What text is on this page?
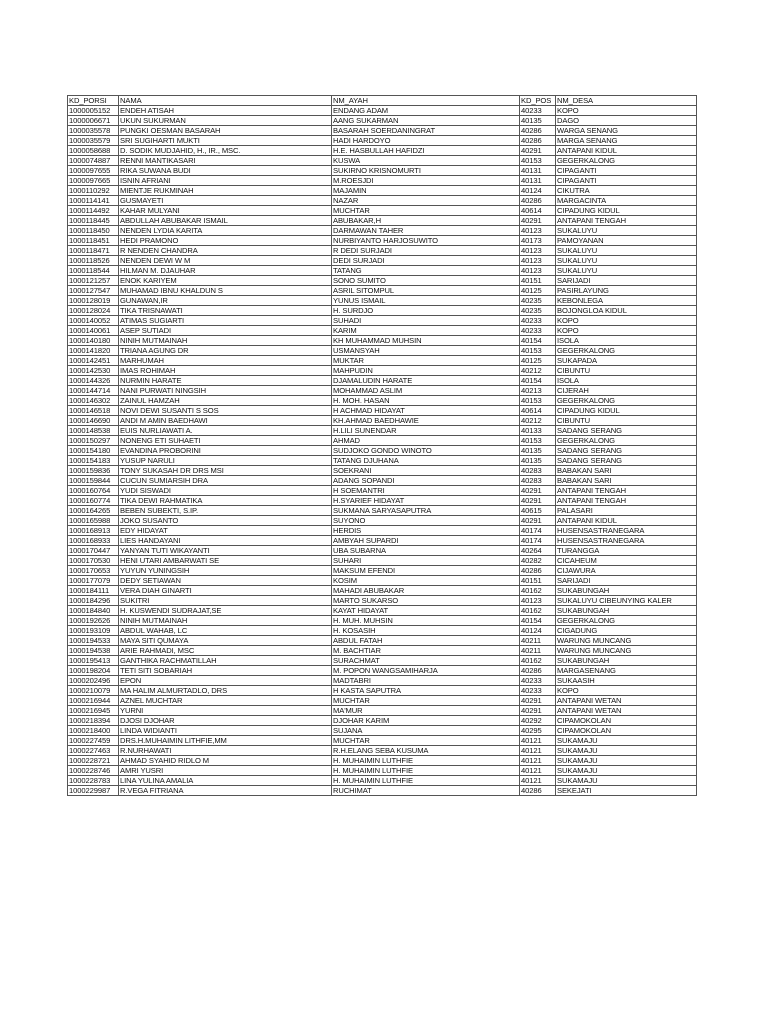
KD_PORSI	NAMA	NM_AYAH	KD_POS	NM_DESA
1000005152	ENDEH ATISAH	ENDANG ADAM	40233	KOPO
1000006671	UKUN SUKURMAN	AANG SUKARMAN	40135	DAGO
1000035578	PUNGKI OESMAN BASARAH	BASARAH SOERDANINGRAT	40286	WARGA SENANG
1000035579	SRI SUGIHARTI MUKTI	HADI HARDOYO	40286	MARGA SENANG
1000058688	D. SODIK MUDJAHID, H., IR., MSC.	H.E. HASBULLAH HAFIDZI	40291	ANTAPANI KIDUL
1000074887	RENNI MANTIKASARI	KUSWA	40153	GEGERKALONG
1000097655	RIKA SUWANA BUDI	SUKIRNO KRISNOMURTI	40131	CIPAGANTI
1000097665	ISNIN AFRIANI	M.ROESJDI	40131	CIPAGANTI
1000110292	MIENTJE RUKMINAH	MAJAMIN	40124	CIKUTRA
1000114141	GUSMAYETI	NAZAR	40286	MARGACINTA
1000114492	KAHAR MULYANI	MUCHTAR	40614	CIPADUNG KIDUL
1000118445	ABDULLAH ABUBAKAR ISMAIL	ABUBAKAR,H	40291	ANTAPANI TENGAH
1000118450	NENDEN LYDIA KARITA	DARMAWAN TAHER	40123	SUKALUYU
1000118451	HEDI PRAMONO	NURBIYANTO HARJOSUWITO	40173	PAMOYANAN
1000118471	R NENDEN CHANDRA	R DEDI SURJADI	40123	SUKALUYU
1000118526	NENDEN DEWI W M	DEDI SURJADI	40123	SUKALUYU
1000118544	HILMAN M. DJAUHAR	TATANG	40123	SUKALUYU
1000121257	ENOK KARIYEM	SONO SUMITO	40151	SARIJADI
1000127547	MUHAMAD IBNU KHALDUN S	ASRIL SITOMPUL	40125	PASIRLAYUNG
1000128019	GUNAWAN,IR	YUNUS ISMAIL	40235	KEBONLEGA
1000128024	TIKA TRISNAWATI	H. SURDJO	40235	BOJONGLOA KIDUL
1000140052	ATIMAS SUGIARTI	SUHADI	40233	KOPO
1000140061	ASEP SUTIADI	KARIM	40233	KOPO
1000140180	NINIH MUTMAINAH	KH MUHAMMAD MUHSIN	40154	ISOLA
1000141820	TRIANA AGUNG DR	USMANSYAH	40153	GEGERKALONG
1000142451	MARHUMAH	MUKTAR	40125	SUKAPADA
1000142530	IMAS ROHIMAH	MAHPUDIN	40212	CIBUNTU
1000144326	NURMIN HARATE	DJAMALUDIN HARATE	40154	ISOLA
1000144714	NANI PURWATI NINGSIH	MOHAMMAD ASLIM	40213	CIJERAH
1000146302	ZAINUL HAMZAH	H. MOH. HASAN	40153	GEGERKALONG
1000146518	NOVI DEWI SUSANTI S SOS	H ACHMAD HIDAYAT	40614	CIPADUNG KIDUL
1000146690	ANDI M AMIN BAEDHAWI	KH.AHMAD BAEDHAWIE	40212	CIBUNTU
1000148538	EUIS NURLIAWATI A.	H.LILI SUNENDAR	40133	SADANG SERANG
1000150297	NONENG ETI SUHAETI	AHMAD	40153	GEGERKALONG
1000154180	EVANDINA PROBORINI	SUDJOKO GONDO WINOTO	40135	SADANG SERANG
1000154183	YUSUP NARULI	TATANG DJUHANA	40135	SADANG SERANG
1000159836	TONY SUKASAH DR DRS MSI	SOEKRANI	40283	BABAKAN SARI
1000159844	CUCUN SUMIARSIH DRA	ADANG SOPANDI	40283	BABAKAN SARI
1000160764	YUDI SISWADI	H SOEMANTRI	40291	ANTAPANI TENGAH
1000160774	TIKA DEWI RAHMATIKA	H.SYARIEF HIDAYAT	40291	ANTAPANI TENGAH
1000164265	BEBEN SUBEKTI, S.IP.	SUKMANA SARYASAPUTRA	40615	PALASARI
1000165988	JOKO SUSANTO	SUYONO	40291	ANTAPANI KIDUL
1000168913	EDY HIDAYAT	HERDIS	40174	HUSENSASTRANEGARA
1000168933	LIES HANDAYANI	AMBYAH SUPARDI	40174	HUSENSASTRANEGARA
1000170447	YANYAN TUTI WIKAYANTI	UBA SUBARNA	40264	TURANGGA
1000170530	HENI UTARI AMBARWATI SE	SUHARI	40282	CICAHEUM
1000170653	YUYUN YUNINGSIH	MAKSUM EFENDI	40286	CIJAWURA
1000177079	DEDY SETIAWAN	KOSIM	40151	SARIJADI
1000184111	VERA DIAH GINARTI	MAHADI ABUBAKAR	40162	SUKABUNGAH
1000184296	SUKITRI	MARTO SUKARSO	40123	SUKALUYU CIBEUNYING KALER
1000184840	H. KUSWENDI SUDRAJAT,SE	KAYAT HIDAYAT	40162	SUKABUNGAH
1000192626	NINIH MUTMAINAH	H. MUH. MUHSIN	40154	GEGERKALONG
1000193109	ABDUL WAHAB, LC	H. KOSASIH	40124	CIGADUNG
1000194533	MAYA SITI QUMAYA	ABDUL FATAH	40211	WARUNG MUNCANG
1000194538	ARIE RAHMADI, MSC	M. BACHTIAR	40211	WARUNG MUNCANG
1000195413	GANTHIKA RACHMATILLAH	SURACHMAT	40162	SUKABUNGAH
1000198204	TETI SITI SOBARIAH	M. POPON WANGSAMIHARJA	40286	MARGASENANG
1000202496	EPON	MADTABRI	40233	SUKAASIH
1000210079	MA HALIM ALMURTADLO, DRS	H KASTA SAPUTRA	40233	KOPO
1000216944	AZNEL MUCHTAR	MUCHTAR	40291	ANTAPANI WETAN
1000216945	YURNI	MA'MUR	40291	ANTAPANI WETAN
1000218394	DJOSI DJOHAR	DJOHAR KARIM	40292	CIPAMOKOLAN
1000218400	LINDA WIDIANTI	SUJANA	40295	CIPAMOKOLAN
1000227459	DRS.H.MUHAIMIN LITHFIE,MM	MUCHTAR	40121	SUKAMAJU
1000227463	R.NURHAWATI	R.H.ELANG SEBA KUSUMA	40121	SUKAMAJU
1000228721	AHMAD SYAHID RIDLO M	H. MUHAIMIN LUTHFIE	40121	SUKAMAJU
1000228746	AMRI YUSRI	H. MUHAIMIN LUTHFIE	40121	SUKAMAJU
1000228783	LINA YULINA AMALIA	H. MUHAIMIN LUTHFIE	40121	SUKAMAJU
1000229987	R.VEGA FITRIANA	RUCHIMAT	40286	SEKEJATI
